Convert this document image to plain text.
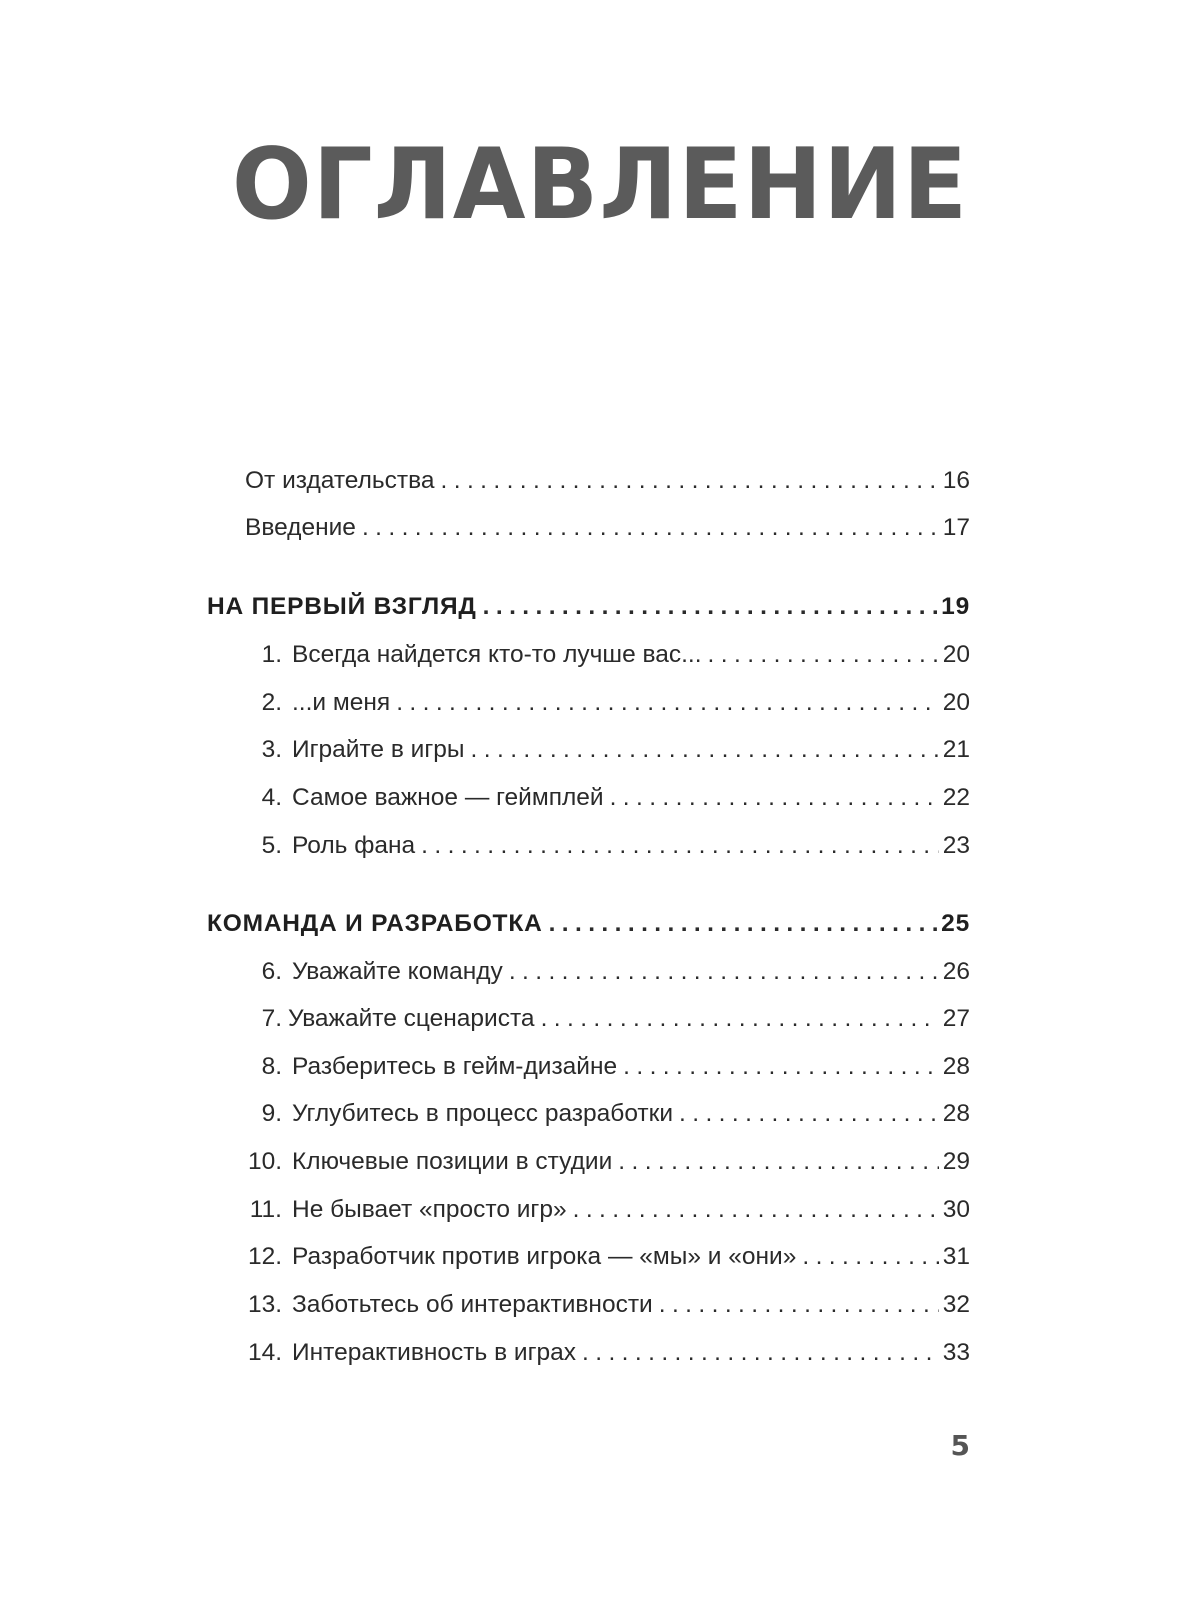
ОГЛАВЛЕНИЕ
От издательства . . .	16
Введение . . .	17
НА ПЕРВЫЙ ВЗГЛЯД . . .	19
1. Всегда найдется кто-то лучше вас... . . .	20
2. ...и меня . . .	20
3. Играйте в игры . . .	21
4. Самое важное — геймплей . . .	22
5. Роль фана . . .	23
КОМАНДА И РАЗРАБОТКА . . .	25
6. Уважайте команду . . .	26
7. Уважайте сценариста . . .	27
8. Разберитесь в гейм-дизайне . . .	28
9. Углубитесь в процесс разработки . . .	28
10. Ключевые позиции в студии . . .	29
11. Не бывает «просто игр» . . .	30
12. Разработчик против игрока — «мы» и «они» . . .	31
13. Заботьтесь об интерактивности . . .	32
14. Интерактивность в играх . . .	33

5
